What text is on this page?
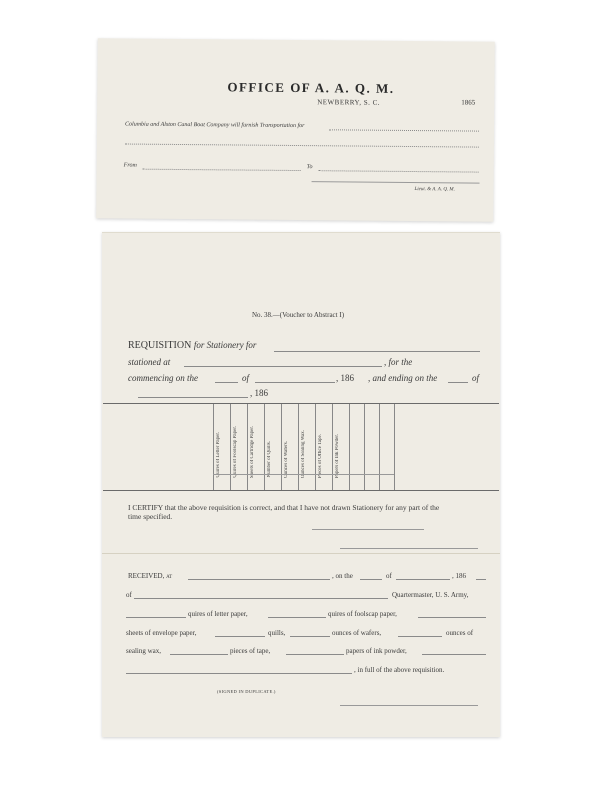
OFFICE OF A. A. Q. M.
NEWBERRY, S. C.	1865
Columbia and Alston Canal Boat Company will furnish Transportation for
From	To
Lieut. & A. A. Q. M.
No. 38.—(Voucher to Abstract I)
REQUISITION for Stationery for
stationed at	, for the
commencing on the	of	, 186 , and ending on the	of
, 186
Quires of Letter Paper. Quires of Foolscap Paper. Sheets of Cartridge Paper. Number of Quills. Ounces of Wafers. Ounces of Sealing Wax. Pieces of Office Tape. Papers of Ink Powder.
I CERTIFY that the above requisition is correct, and that I have not drawn Stationery for any part of the
time specified.
RECEIVED, at	, on the	of	, 186
of	Quartermaster, U. S. Army,
quires of letter paper,	quires of foolscap paper,
sheets of envelope paper,	quills,	ounces of wafers,	ounces of
sealing wax,	pieces of tape,	papers of ink powder,
, in full of the above requisition.
(SIGNED IN DUPLICATE.)
